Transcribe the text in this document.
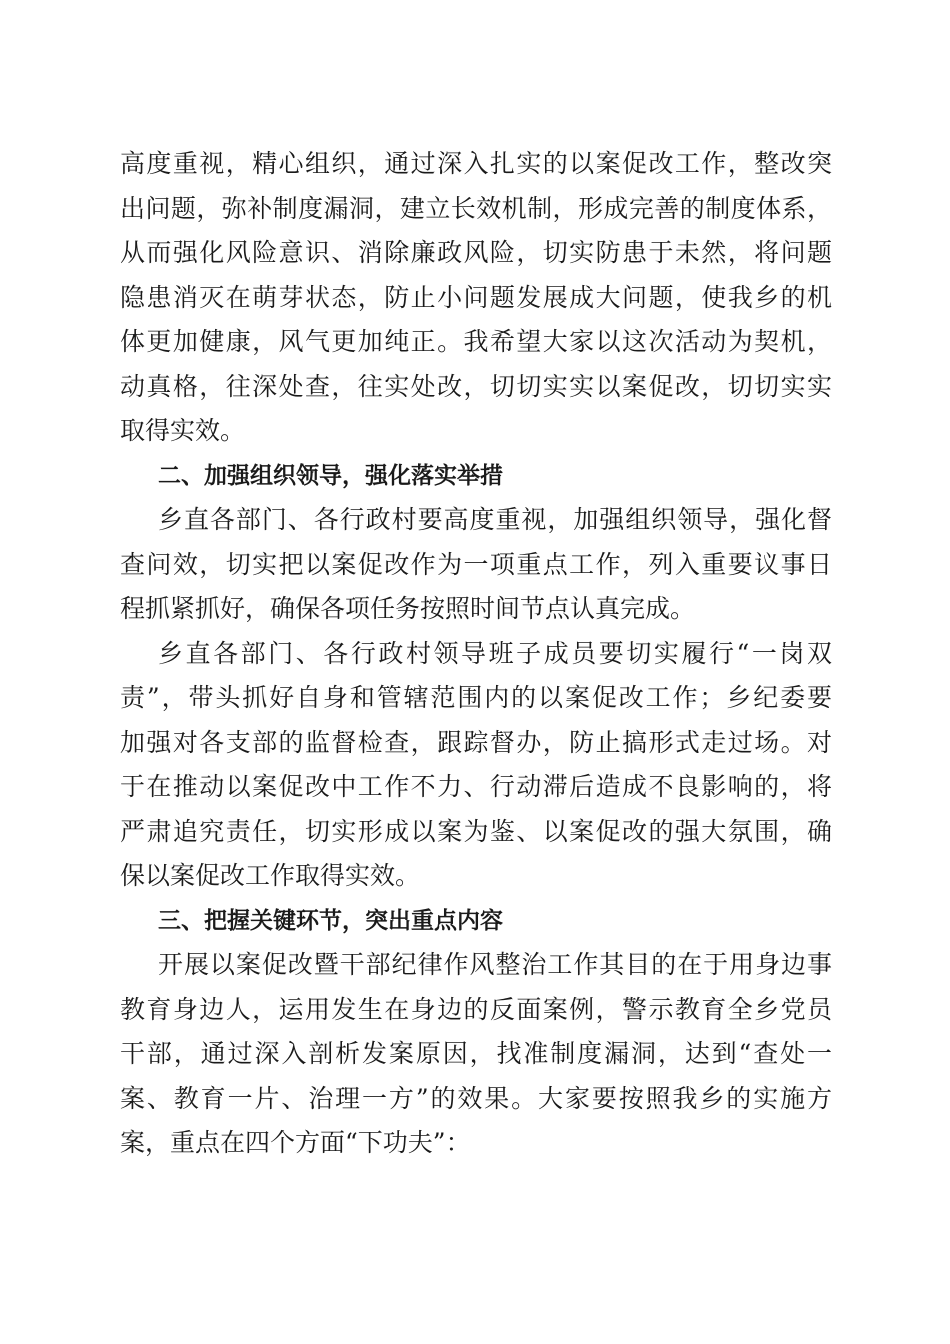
高度重视，精心组织，通过深入扎实的以案促改工作，整改突
出问题，弥补制度漏洞，建立长效机制，形成完善的制度体系，
从而强化风险意识、消除廉政风险，切实防患于未然，将问题
隐患消灭在萌芽状态，防止小问题发展成大问题，使我乡的机
体更加健康，风气更加纯正。我希望大家以这次活动为契机，
动真格，往深处查，往实处改，切切实实以案促改，切切实实
取得实效。
二、加强组织领导，强化落实举措
乡直各部门、各行政村要高度重视，加强组织领导，强化督
查问效，切实把以案促改作为一项重点工作，列入重要议事日
程抓紧抓好，确保各项任务按照时间节点认真完成。
乡直各部门、各行政村领导班子成员要切实履行“一岗双
责”，带头抓好自身和管辖范围内的以案促改工作；乡纪委要
加强对各支部的监督检查，跟踪督办，防止搞形式走过场。对
于在推动以案促改中工作不力、行动滞后造成不良影响的，将
严肃追究责任，切实形成以案为鉴、以案促改的强大氛围，确
保以案促改工作取得实效。
三、把握关键环节，突出重点内容
开展以案促改暨干部纪律作风整治工作其目的在于用身边事
教育身边人，运用发生在身边的反面案例，警示教育全乡党员
干部，通过深入剖析发案原因，找准制度漏洞，达到“查处一
案、教育一片、治理一方”的效果。大家要按照我乡的实施方
案，重点在四个方面“下功夫”：
